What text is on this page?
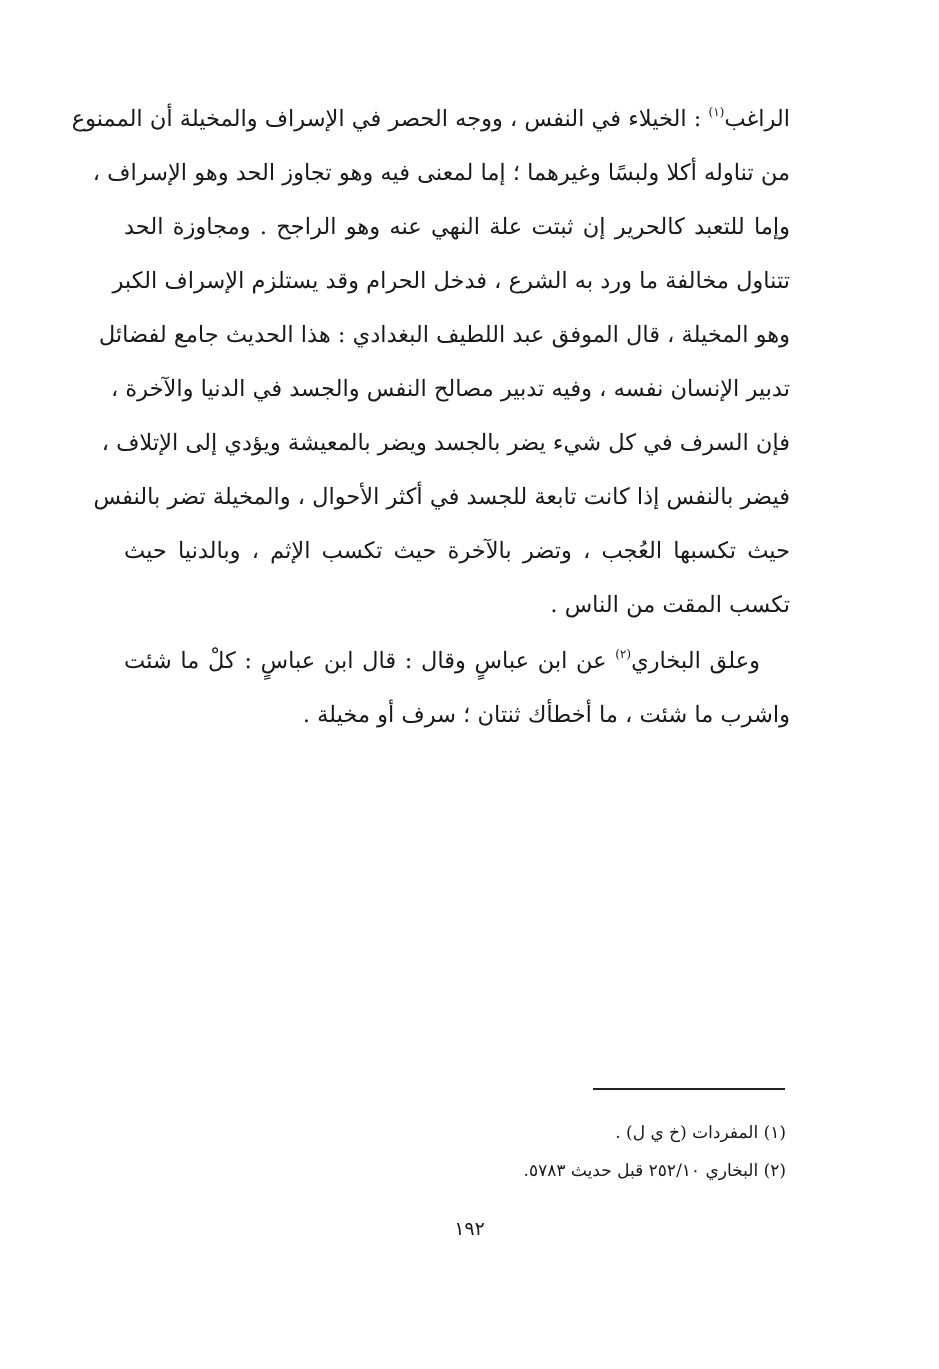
الراغب$^{(١)}$ : الخيلاء في النفس ، ووجه الحصر في الإسراف والمخيلة أن الممنوع
من تناوله أكلا ولبسًا وغيرهما ؛ إما لمعنى فيه وهو تجاوز الحد وهو الإسراف ،
وإما للتعبد كالحرير إن ثبتت علة النهي عنه وهو الراجح . ومجاوزة الحد
تتناول مخالفة ما ورد به الشرع ، فدخل الحرام وقد يستلزم الإسراف الكبر
وهو المخيلة ، قال الموفق عبد اللطيف البغدادي : هذا الحديث جامع لفضائل
تدبير الإنسان نفسه ، وفيه تدبير مصالح النفس والجسد في الدنيا والآخرة ،
فإن السرف في كل شيء يضر بالجسد ويضر بالمعيشة ويؤدي إلى الإتلاف ،
فيضر بالنفس إذا كانت تابعة للجسد في أكثر الأحوال ، والمخيلة تضر بالنفس
حيث تكسبها العُجب ، وتضر بالآخرة حيث تكسب الإثم ، وبالدنيا حيث
تكسب المقت من الناس .
وعلق البخاري$^{(٢)}$ عن ابن عباسٍ وقال : قال ابن عباسٍ : كلْ ما شئت
واشرب ما شئت ، ما أخطأك ثنتان ؛ سرف أو مخيلة .
(١) المفردات (خ ي ل) .
(٢) البخاري ٢٥٢/١٠ قبل حديث ٥٧٨٣.
١٩٢
